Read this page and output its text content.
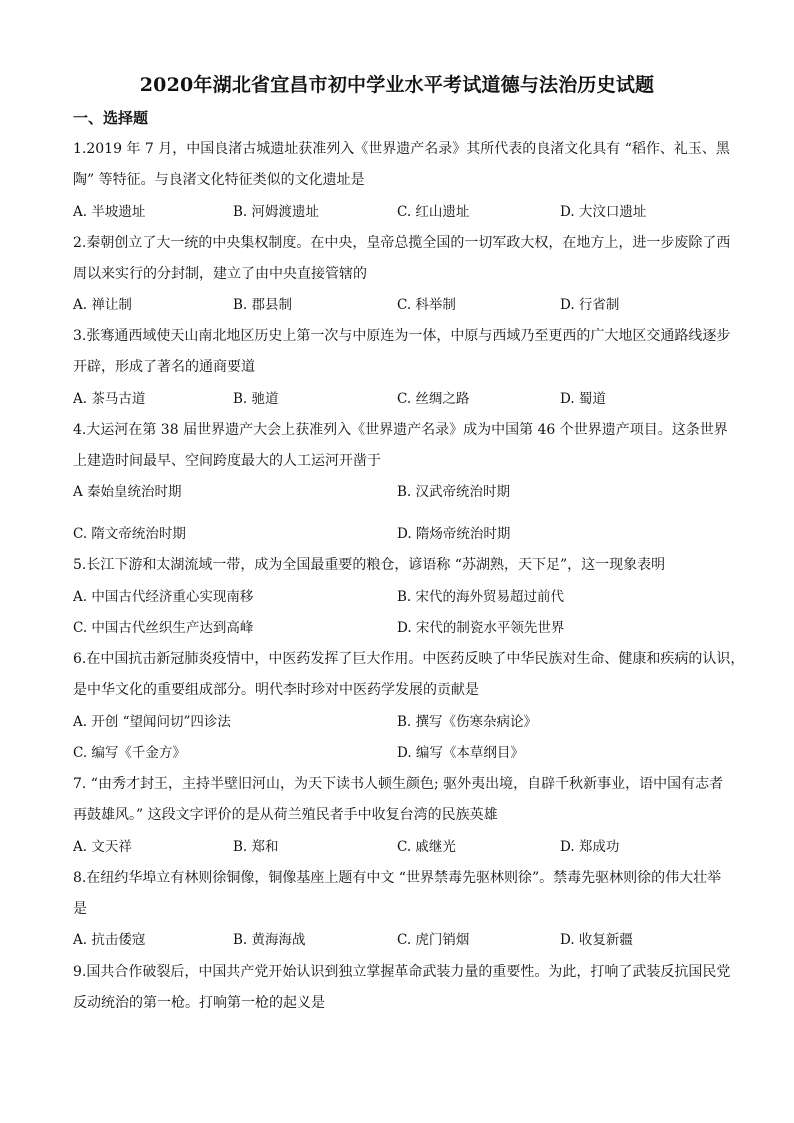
2020年湖北省宜昌市初中学业水平考试道德与法治历史试题
一、选择题
1.2019 年 7 月，中国良渚古城遗址获准列入《世界遗产名录》其所代表的良渚文化具有 “稻作、礼玉、黑
陶” 等特征。与良渚文化特征类似的文化遗址是
A. 半坡遗址	B. 河姆渡遗址	C. 红山遗址	D. 大汶口遗址
2.秦朝创立了大一统的中央集权制度。在中央，皇帝总揽全国的一切军政大权，在地方上，进一步废除了西
周以来实行的分封制，建立了由中央直接管辖的
A. 禅让制	B. 郡县制	C. 科举制	D. 行省制
3.张骞通西域使天山南北地区历史上第一次与中原连为一体，中原与西域乃至更西的广大地区交通路线逐步
开辟，形成了著名的通商要道
A. 茶马古道	B. 驰道	C. 丝绸之路	D. 蜀道
4.大运河在第 38 届世界遗产大会上获准列入《世界遗产名录》成为中国第 46 个世界遗产项目。这条世界
上建造时间最早、空间跨度最大的人工运河开凿于
A 秦始皇统治时期	B. 汉武帝统治时期
C. 隋文帝统治时期	D. 隋炀帝统治时期
5.长江下游和太湖流域一带，成为全国最重要的粮仓，谚语称 “苏湖熟，天下足”，这一现象表明
A. 中国古代经济重心实现南移	B. 宋代的海外贸易超过前代
C. 中国古代丝织生产达到高峰	D. 宋代的制瓷水平领先世界
6.在中国抗击新冠肺炎疫情中，中医药发挥了巨大作用。中医药反映了中华民族对生命、健康和疾病的认识，
是中华文化的重要组成部分。明代李时珍对中医药学发展的贡献是
A. 开创 “望闻问切”四诊法	B. 撰写《伤寒杂病论》
C. 编写《千金方》	D. 编写《本草纲目》
7. “由秀才封王，主持半壁旧河山，为天下读书人顿生颜色; 驱外夷出境，自辟千秋新事业，语中国有志者
再鼓雄风。” 这段文字评价的是从荷兰殖民者手中收复台湾的民族英雄
A. 文天祥	B. 郑和	C. 戚继光	D. 郑成功
8.在纽约华埠立有林则徐铜像，铜像基座上题有中文 “世界禁毒先驱林则徐”。禁毒先驱林则徐的伟大壮举
是
A. 抗击倭寇	B. 黄海海战	C. 虎门销烟	D. 收复新疆
9.国共合作破裂后，中国共产党开始认识到独立掌握革命武装力量的重要性。为此，打响了武装反抗国民党
反动统治的第一枪。打响第一枪的起义是
